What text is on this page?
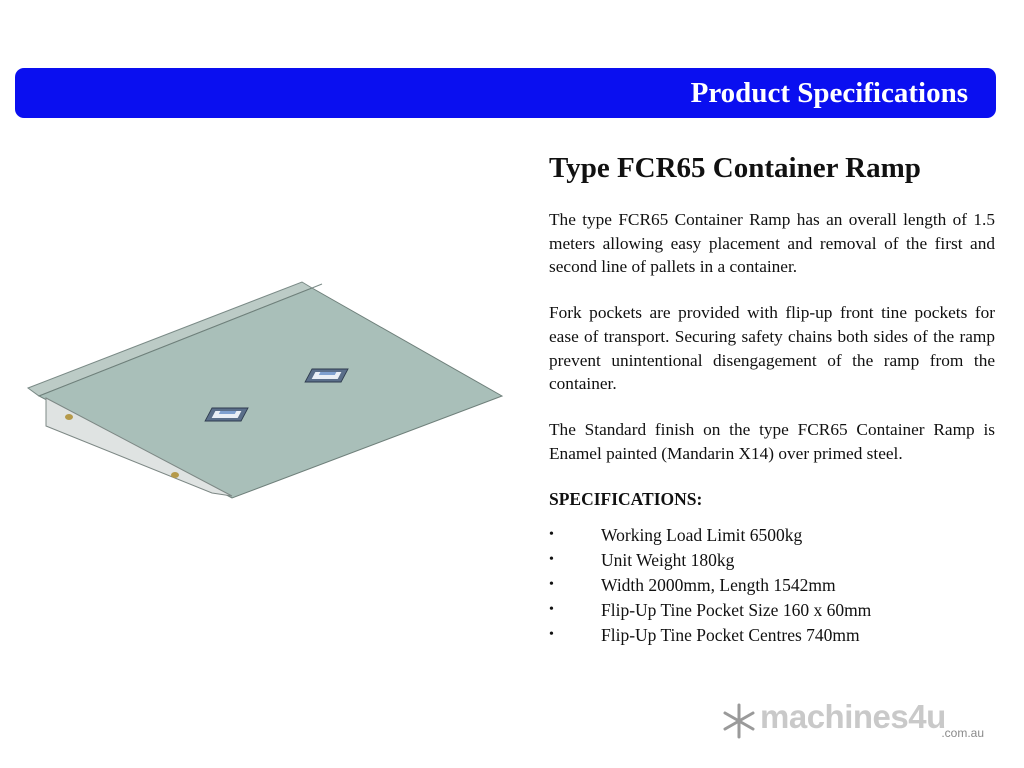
Product Specifications
Type FCR65 Container Ramp

The type FCR65 Container Ramp has an overall length of 1.5 meters allowing easy placement and removal of the first and second line of pallets in a container.

Fork pockets are provided with flip-up front tine pockets for ease of transport. Securing safety chains both sides of the ramp prevent unintentional disengagement of the ramp from the container.

The Standard finish on the type FCR65 Container Ramp is Enamel painted (Mandarin X14) over primed steel.

SPECIFICATIONS:
•	Working Load Limit 6500kg
•	Unit Weight 180kg
•	Width 2000mm, Length 1542mm
•	Flip-Up Tine Pocket Size 160 x 60mm
•	Flip-Up Tine Pocket Centres 740mm
machines4u
.com.au
